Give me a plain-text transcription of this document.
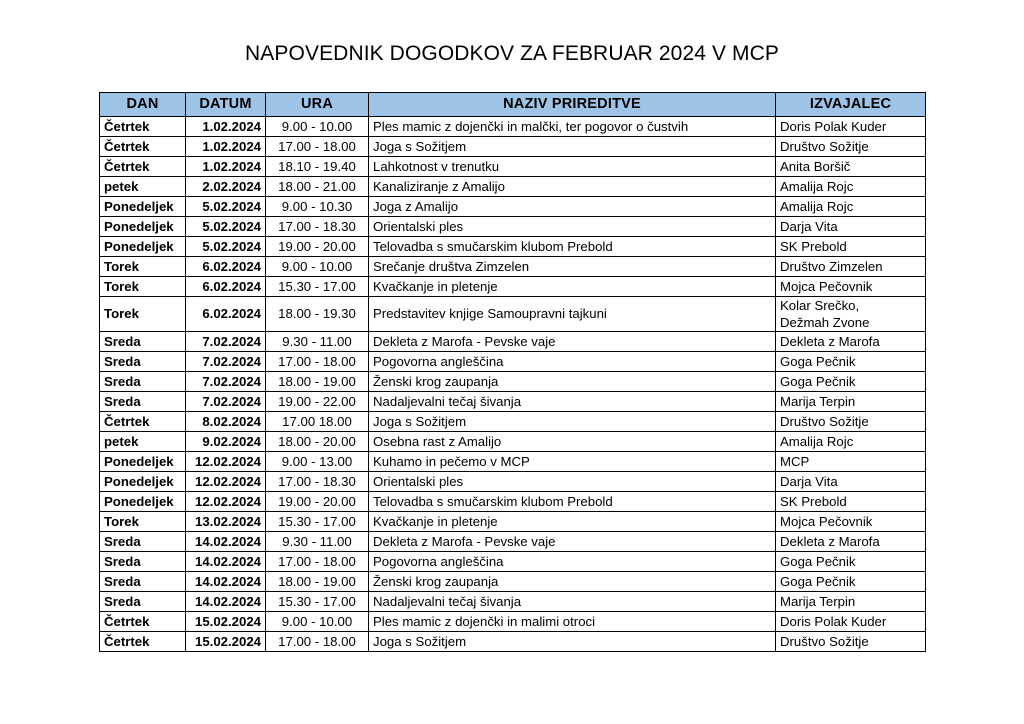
NAPOVEDNIK DOGODKOV ZA FEBRUAR 2024 V MCP
DAN	DATUM	URA	NAZIV PRIREDITVE	IZVAJALEC
Četrtek	1.02.2024	9.00 - 10.00	Ples mamic z dojenčki in malčki, ter pogovor o čustvih	Doris Polak Kuder
Četrtek	1.02.2024	17.00 - 18.00	Joga s Sožitjem	Društvo Sožitje
Četrtek	1.02.2024	18.10 - 19.40	Lahkotnost v trenutku	Anita Boršič
petek	2.02.2024	18.00 - 21.00	Kanaliziranje z Amalijo	Amalija Rojc
Ponedeljek	5.02.2024	9.00 - 10.30	Joga z Amalijo	Amalija Rojc
Ponedeljek	5.02.2024	17.00 - 18.30	Orientalski ples	Darja Vita
Ponedeljek	5.02.2024	19.00 - 20.00	Telovadba s smučarskim klubom Prebold	SK Prebold
Torek	6.02.2024	9.00 - 10.00	Srečanje društva Zimzelen	Društvo Zimzelen
Torek	6.02.2024	15.30 - 17.00	Kvačkanje in pletenje	Mojca Pečovnik
Torek	6.02.2024	18.00 - 19.30	Predstavitev knjige Samoupravni tajkuni	Kolar Srečko,
Dežmah Zvone

Sreda	7.02.2024	9.30 - 11.00	Dekleta z Marofa - Pevske vaje	Dekleta z Marofa
Sreda	7.02.2024	17.00 - 18.00	Pogovorna angleščina	Goga Pečnik
Sreda	7.02.2024	18.00 - 19.00	Ženski krog zaupanja	Goga Pečnik
Sreda	7.02.2024	19.00 - 22.00	Nadaljevalni tečaj šivanja	Marija Terpin
Četrtek	8.02.2024	17.00 18.00	Joga s Sožitjem	Društvo Sožitje
petek	9.02.2024	18.00 - 20.00	Osebna rast z Amalijo	Amalija Rojc
Ponedeljek	12.02.2024	9.00 - 13.00	Kuhamo in pečemo v MCP	MCP
Ponedeljek	12.02.2024	17.00 - 18.30	Orientalski ples	Darja Vita
Ponedeljek	12.02.2024	19.00 - 20.00	Telovadba s smučarskim klubom Prebold	SK Prebold
Torek	13.02.2024	15.30 - 17.00	Kvačkanje in pletenje	Mojca Pečovnik
Sreda	14.02.2024	9.30 - 11.00	Dekleta z Marofa - Pevske vaje	Dekleta z Marofa
Sreda	14.02.2024	17.00 - 18.00	Pogovorna angleščina	Goga Pečnik
Sreda	14.02.2024	18.00 - 19.00	Ženski krog zaupanja	Goga Pečnik
Sreda	14.02.2024	15.30 - 17.00	Nadaljevalni tečaj šivanja	Marija Terpin
Četrtek	15.02.2024	9.00 - 10.00	Ples mamic z dojenčki in malimi otroci	Doris Polak Kuder
Četrtek	15.02.2024	17.00 - 18.00	Joga s Sožitjem	Društvo Sožitje
